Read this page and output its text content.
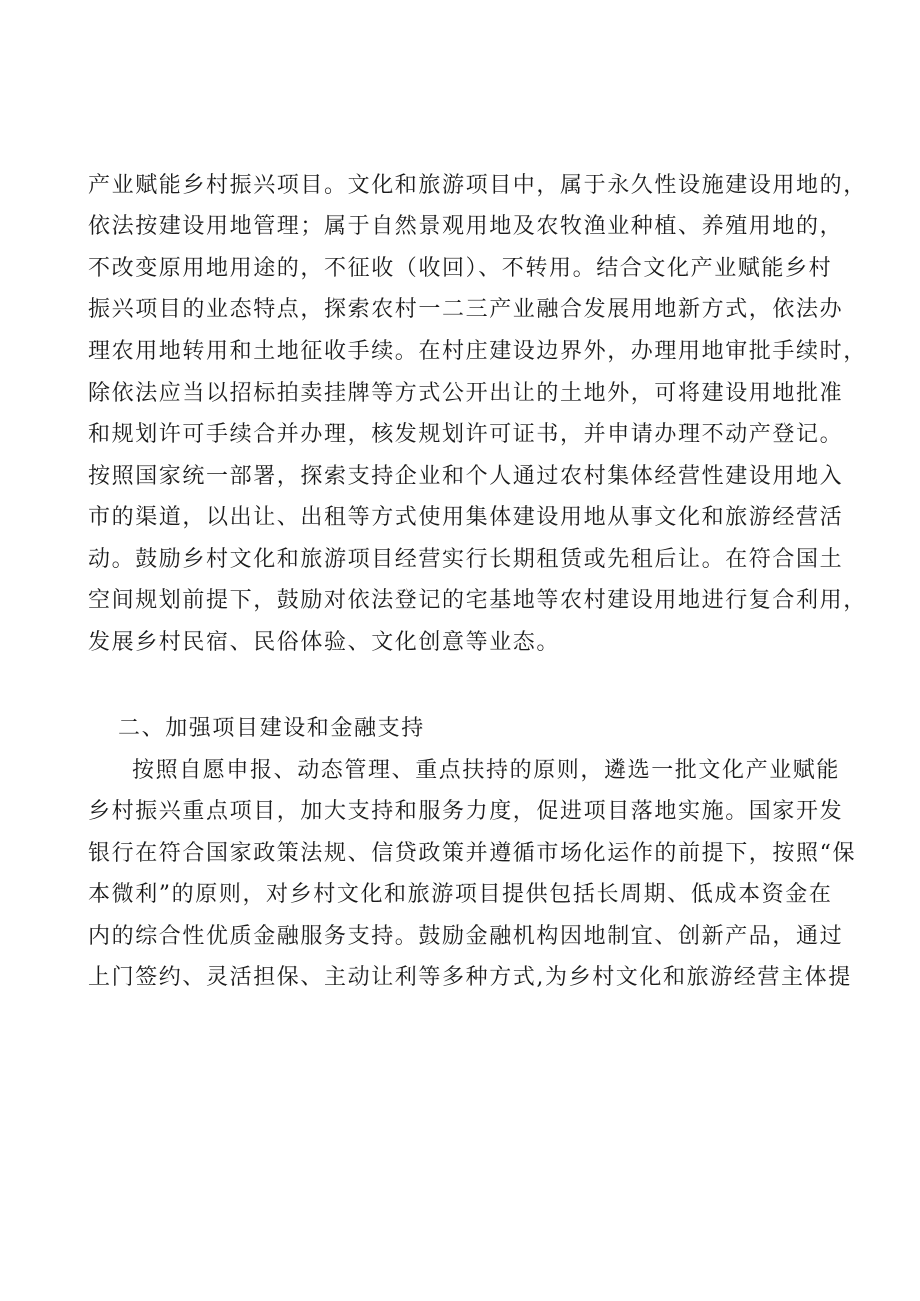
产业赋能乡村振兴项目。文化和旅游项目中，属于永久性设施建设用地的，
依法按建设用地管理；属于自然景观用地及农牧渔业种植、养殖用地的，
不改变原用地用途的，不征收（收回）、不转用。结合文化产业赋能乡村
振兴项目的业态特点，探索农村一二三产业融合发展用地新方式，依法办
理农用地转用和土地征收手续。在村庄建设边界外，办理用地审批手续时，
除依法应当以招标拍卖挂牌等方式公开出让的土地外，可将建设用地批准
和规划许可手续合并办理，核发规划许可证书，并申请办理不动产登记。
按照国家统一部署，探索支持企业和个人通过农村集体经营性建设用地入
市的渠道，以出让、出租等方式使用集体建设用地从事文化和旅游经营活
动。鼓励乡村文化和旅游项目经营实行长期租赁或先租后让。在符合国土
空间规划前提下，鼓励对依法登记的宅基地等农村建设用地进行复合利用，
发展乡村民宿、民俗体验、文化创意等业态。
二、加强项目建设和金融支持
按照自愿申报、动态管理、重点扶持的原则，遴选一批文化产业赋能
乡村振兴重点项目，加大支持和服务力度，促进项目落地实施。国家开发
银行在符合国家政策法规、信贷政策并遵循市场化运作的前提下，按照“保
本微利”的原则，对乡村文化和旅游项目提供包括长周期、低成本资金在
内的综合性优质金融服务支持。鼓励金融机构因地制宜、创新产品，通过
上门签约、灵活担保、主动让利等多种方式,为乡村文化和旅游经营主体提
